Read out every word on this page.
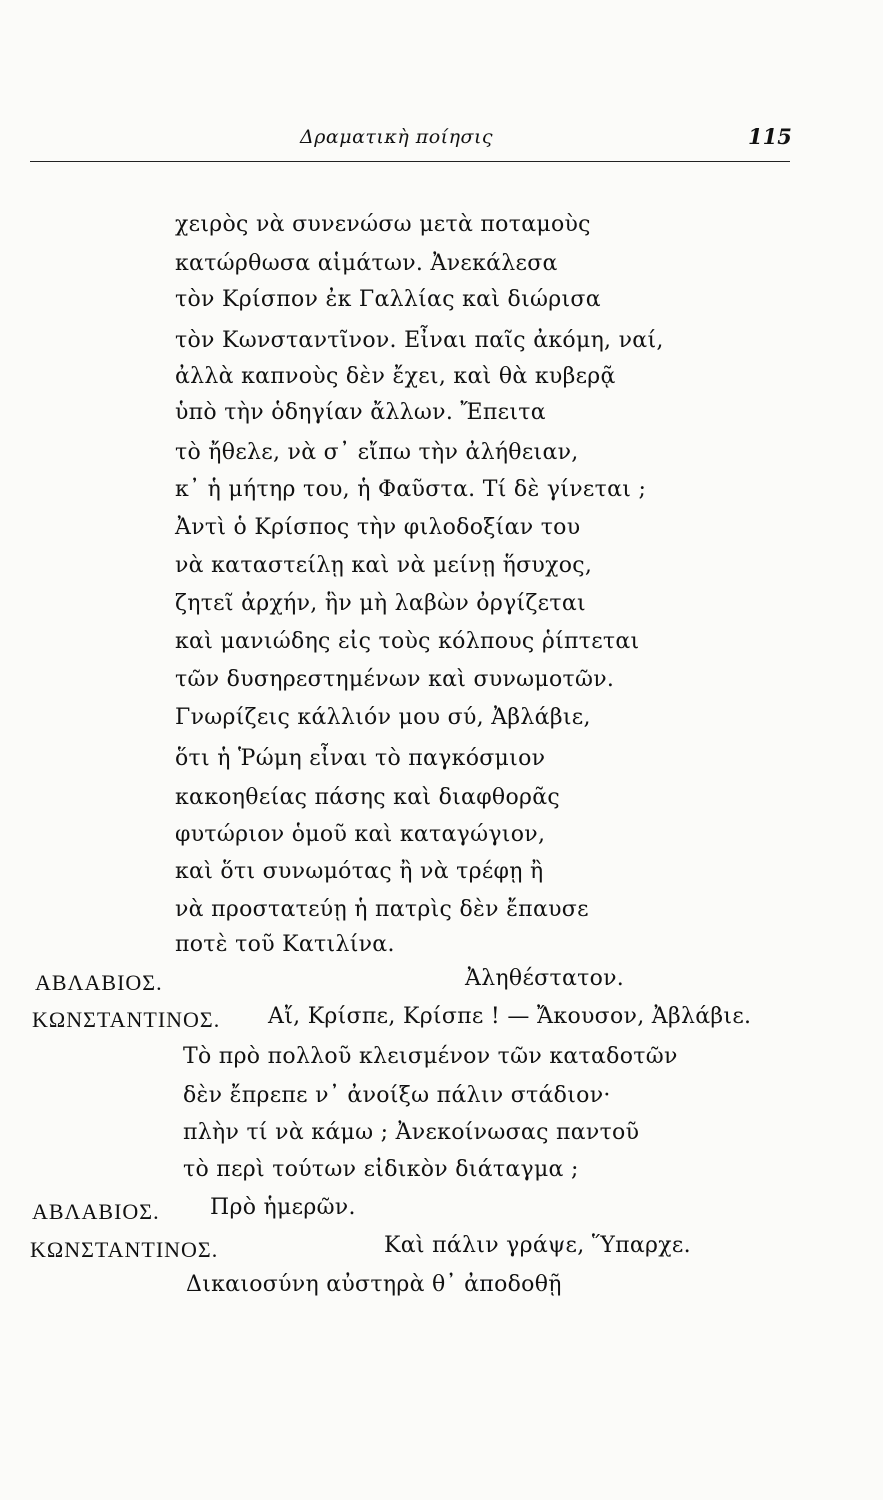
Δραματικὴ ποίησις	115
χειρὸς νὰ συνενώσω μετὰ ποταμοὺς
κατώρθωσα αἱμάτων. Ἀνεκάλεσα
τὸν Κρίσπον ἐκ Γαλλίας καὶ διώρισα
τὸν Κωνσταντῖνον. Εἶναι παῖς ἀκόμη, ναί,
ἀλλὰ καπνοὺς δὲν ἔχει, καὶ θὰ κυβερᾷ
ὑπὸ τὴν ὁδηγίαν ἄλλων. Ἔπειτα
τὸ ἤθελε, νὰ σ᾽ εἴπω τὴν ἀλήθειαν,
κ᾽ ἡ μήτηρ του, ἡ Φαῦστα. Τί δὲ γίνεται ;
Ἀντὶ ὁ Κρίσπος τὴν φιλοδοξίαν του
νὰ καταστείλῃ καὶ νὰ μείνῃ ἥσυχος,
ζητεῖ ἀρχήν, ἣν μὴ λαβὼν ὀργίζεται
καὶ μανιώδης εἰς τοὺς κόλπους ῥίπτεται
τῶν δυσηρεστημένων καὶ συνωμοτῶν.
Γνωρίζεις κάλλιόν μου σύ, Ἀβλάβιε,
ὅτι ἡ Ῥώμη εἶναι τὸ παγκόσμιον
κακοηθείας πάσης καὶ διαφθορᾶς
φυτώριον ὁμοῦ καὶ καταγώγιον,
καὶ ὅτι συνωμότας ἢ νὰ τρέφῃ ἢ
νὰ προστατεύῃ ἡ πατρὶς δὲν ἔπαυσε
ποτὲ τοῦ Κατιλίνα.
ΑΒΛΑΒΙΟΣ.	Ἀληθέστατον.
ΚΩΝΣΤΑΝΤΙΝΟΣ. Αἴ, Κρίσπε, Κρίσπε ! — Ἄκουσον, Ἀβλάβιε.
Τὸ πρὸ πολλοῦ κλεισμένον τῶν καταδοτῶν
δὲν ἔπρεπε ν᾽ ἀνοίξω πάλιν στάδιον·
πλὴν τί νὰ κάμω ; Ἀνεκοίνωσας παντοῦ
τὸ περὶ τούτων εἰδικὸν διάταγμα ;
ΑΒΛΑΒΙΟΣ. Πρὸ ἡμερῶν.
ΚΩΝΣΤΑΝΤΙΝΟΣ.	Καὶ πάλιν γράψε, Ὕπαρχε.
Δικαιοσύνη αὐστηρὰ θ᾽ ἀποδοθῇ
